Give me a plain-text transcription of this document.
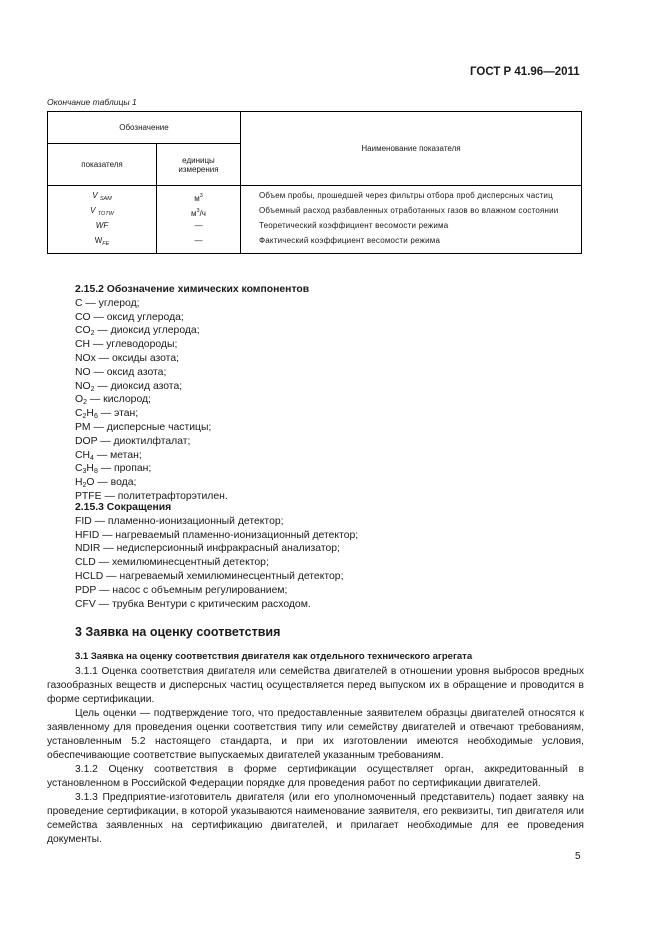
ГОСТ Р 41.96—2011
Окончание таблицы 1
Обозначение		Наименование показателя
показателя	единицы измерения	
V $_{SAM}$	$м^3$	Объем пробы, прошедшей через фильтры отбора проб дисперсных частиц
V $_{TOTW}$	$м^3/ч$	Объемный расход разбавленных отработанных газов во влажном состоянии
WF	—	Теоретический коэффициент весомости режима
$W_{FE}$	—	Фактический коэффициент весомости режима
2.15.2 Обозначение химических компонентов
C — углерод;
CO — оксид углерода;
$CO_2$ — диоксид углерода;
CH — углеводороды;
NOx — оксиды азота;
NO — оксид азота;
$NO_2$ — диоксид азота;
$O_2$ — кислород;
$C_2H_6$ — этан;
PM — дисперсные частицы;
DOP — диоктилфталат;
$CH_4$ — метан;
$C_3H_8$ — пропан;
$H_2O$ — вода;
PTFE — политетрафторэтилен.
2.15.3 Сокращения
FID — пламенно-ионизационный детектор;
HFID — нагреваемый пламенно-ионизационный детектор;
NDIR — недисперсионный инфракрасный анализатор;
CLD — хемилюминесцентный детектор;
HCLD — нагреваемый хемилюминесцентный детектор;
PDP — насос с объемным регулированием;
CFV — трубка Вентури с критическим расходом.
3 Заявка на оценку соответствия
3.1 Заявка на оценку соответствия двигателя как отдельного технического агрегата

3.1.1 Оценка соответствия двигателя или семейства двигателей в отношении уровня выбросов вредных газообразных веществ и дисперсных частиц осуществляется перед выпуском их в обращение и проводится в форме сертификации.

Цель оценки — подтверждение того, что предоставленные заявителем образцы двигателей относятся к заявленному для проведения оценки соответствия типу или семейству двигателей и отвечают требованиям, установленным 5.2 настоящего стандарта, и при их изготовлении имеются необходимые условия, обеспечивающие соответствие выпускаемых двигателей указанным требованиям.

3.1.2 Оценку соответствия в форме сертификации осуществляет орган, аккредитованный в установленном в Российской Федерации порядке для проведения работ по сертификации двигателей.

3.1.3 Предприятие-изготовитель двигателя (или его уполномоченный представитель) подает заявку на проведение сертификации, в которой указываются наименование заявителя, его реквизиты, тип двигателя или семейства заявленных на сертификацию двигателей, и прилагает необходимые для ее проведения документы.

5
